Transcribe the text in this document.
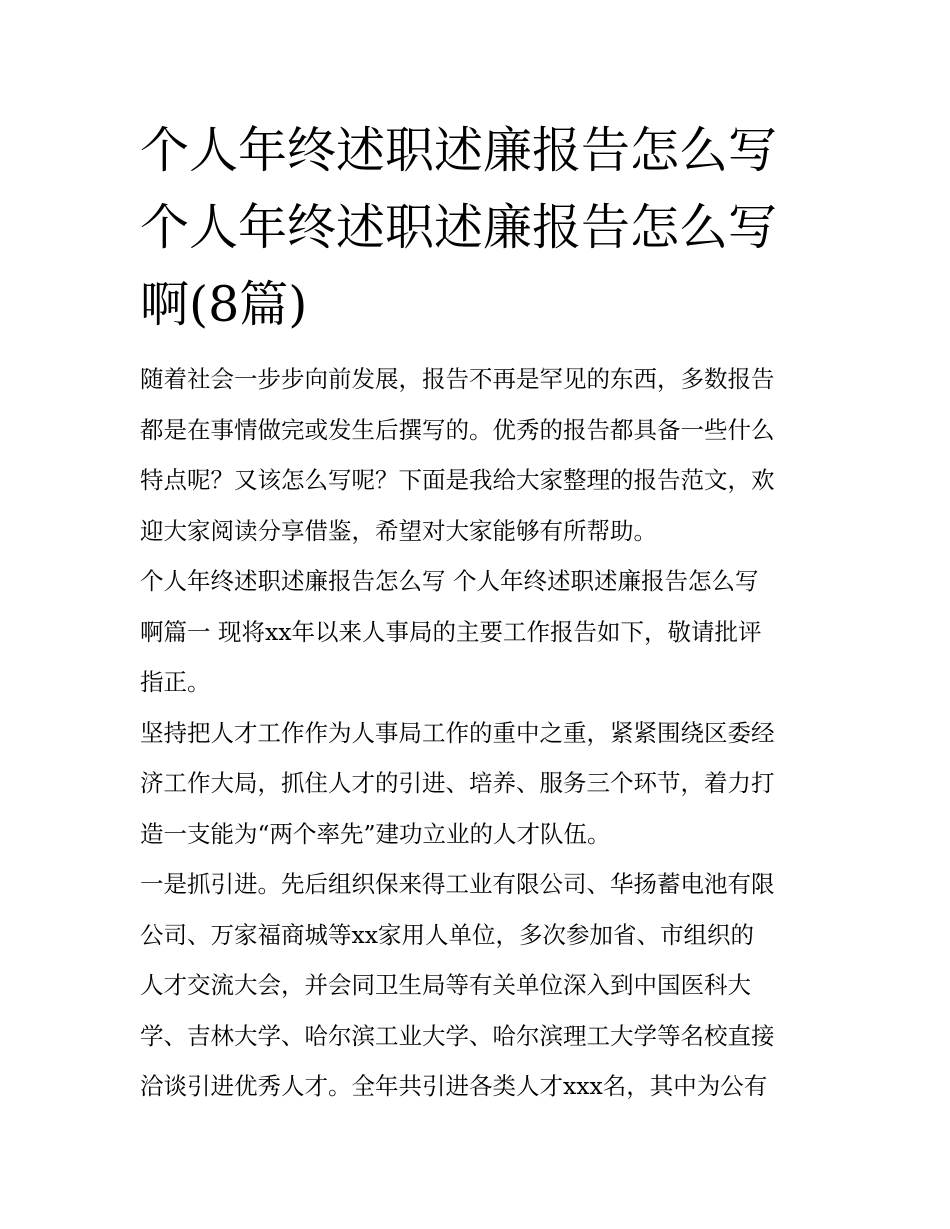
个人年终述职述廉报告怎么写
个人年终述职述廉报告怎么写
啊(8篇)
随着社会一步步向前发展，报告不再是罕见的东西，多数报告
都是在事情做完或发生后撰写的。优秀的报告都具备一些什么
特点呢？又该怎么写呢？下面是我给大家整理的报告范文，欢
迎大家阅读分享借鉴，希望对大家能够有所帮助。
个人年终述职述廉报告怎么写 个人年终述职述廉报告怎么写
啊篇一 现将xx年以来人事局的主要工作报告如下，敬请批评
指正。
坚持把人才工作作为人事局工作的重中之重，紧紧围绕区委经
济工作大局，抓住人才的引进、培养、服务三个环节，着力打
造一支能为“两个率先”建功立业的人才队伍。
一是抓引进。先后组织保来得工业有限公司、华扬蓄电池有限
公司、万家福商城等xx家用人单位，多次参加省、市组织的
人才交流大会，并会同卫生局等有关单位深入到中国医科大
学、吉林大学、哈尔滨工业大学、哈尔滨理工大学等名校直接
洽谈引进优秀人才。全年共引进各类人才xxx名，其中为公有
